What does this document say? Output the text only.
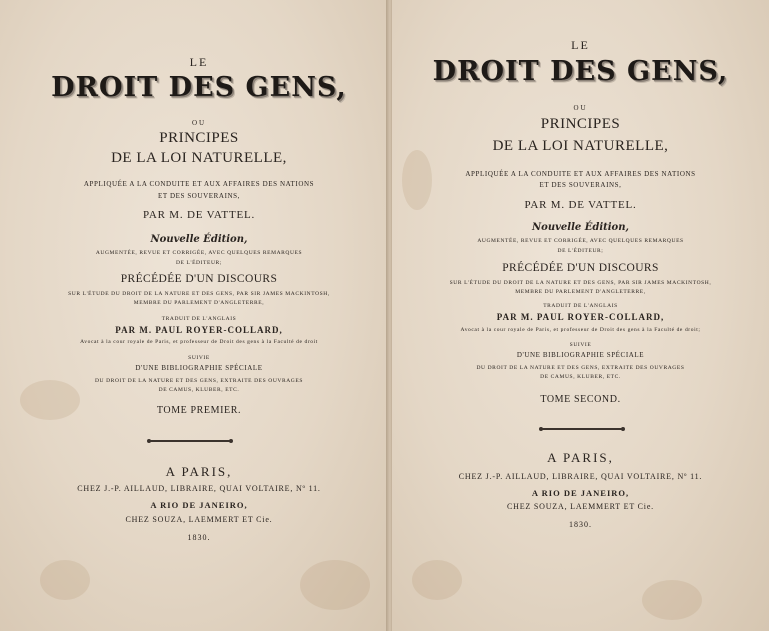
LE
DROIT DES GENS,
OU
PRINCIPES
DE LA LOI NATURELLE,
APPLIQUÉE A LA CONDUITE ET AUX AFFAIRES DES NATIONS
ET DES SOUVERAINS,
PAR M. DE VATTEL.
Nouvelle Édition,
AUGMENTÉE, REVUE ET CORRIGÉE, AVEC QUELQUES REMARQUES
DE L'ÉDITEUR;
PRÉCÉDÉE D'UN DISCOURS
SUR L'ÉTUDE DU DROIT DE LA NATURE ET DES GENS, PAR SIR JAMES MACKINTOSH,
MEMBRE DU PARLEMENT D'ANGLETERRE,
TRADUIT DE L'ANGLAIS
PAR M. PAUL ROYER-COLLARD,
Avocat à la cour royale de Paris, et professeur de Droit des gens à la Faculté de droit
SUIVIE
D'UNE BIBLIOGRAPHIE SPÉCIALE
DU DROIT DE LA NATURE ET DES GENS, EXTRAITE DES OUVRAGES
DE CAMUS, KLUBER, ETC.
TOME PREMIER.
A PARIS,
CHEZ J.-P. AILLAUD, LIBRAIRE, QUAI VOLTAIRE, Nº 11.
A RIO DE JANEIRO,
CHEZ SOUZA, LAEMMERT ET Cie.
1830.
LE
DROIT DES GENS,
OU
PRINCIPES
DE LA LOI NATURELLE,
APPLIQUÉE A LA CONDUITE ET AUX AFFAIRES DES NATIONS
ET DES SOUVERAINS,
PAR M. DE VATTEL.
Nouvelle Édition,
AUGMENTÉE, REVUE ET CORRIGÉE, AVEC QUELQUES REMARQUES
DE L'ÉDITEUR;
PRÉCÉDÉE D'UN DISCOURS
SUR L'ÉTUDE DU DROIT DE LA NATURE ET DES GENS, PAR SIR JAMES MACKINTOSH,
MEMBRE DU PARLEMENT D'ANGLETERRE,
TRADUIT DE L'ANGLAIS
PAR M. PAUL ROYER-COLLARD,
Avocat à la cour royale de Paris, et professeur de Droit des gens à la Faculté de droit;
SUIVIE
D'UNE BIBLIOGRAPHIE SPÉCIALE
DU DROIT DE LA NATURE ET DES GENS, EXTRAITE DES OUVRAGES
DE CAMUS, KLUBER, ETC.
TOME SECOND.
A PARIS,
CHEZ J.-P. AILLAUD, LIBRAIRE, QUAI VOLTAIRE, Nº 11.
A RIO DE JANEIRO,
CHEZ SOUZA, LAEMMERT ET Cie.
1830.
